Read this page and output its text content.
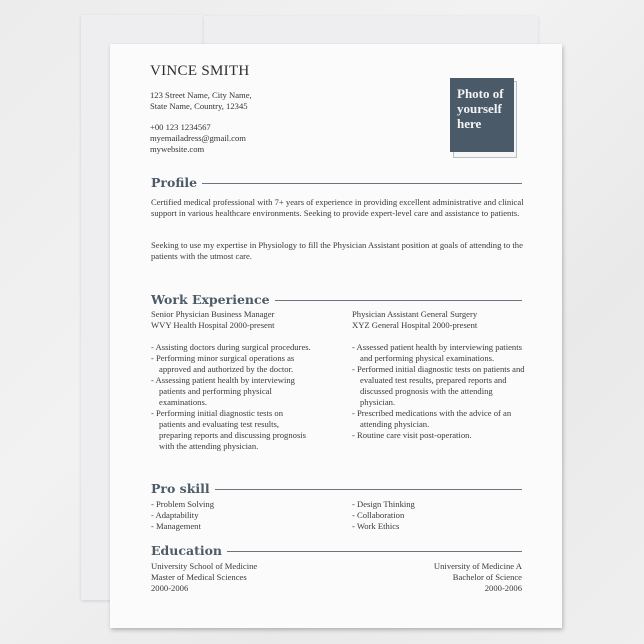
VINCE SMITH
123 Street Name, City Name,
State Name, Country, 12345
+00 123 1234567
myemailadress@gmail.com
mywebsite.com
Photo of
yourself
here
Profile
Certified medical professional with 7+ years of experience in providing excellent administrative and clinical support in various healthcare environments. Seeking to provide expert-level care and assistance to patients.
Seeking to use my expertise in Physiology to fill the Physician Assistant position at goals of attending to the patients with the utmost care.
Work Experience
Senior Physician Business Manager
WVY Health Hospital 2000-present
- Assisting doctors during surgical procedures.
- Performing minor surgical operations as approved and authorized by the doctor.
- Assessing patient health by interviewing patients and performing physical examinations.
- Performing initial diagnostic tests on patients and evaluating test results, preparing reports and discussing prognosis with the attending physician.
Physician Assistant General Surgery
XYZ General Hospital 2000-present
- Assessed patient health by interviewing patients and performing physical examinations.
- Performed initial diagnostic tests on patients and evaluated test results, prepared reports and discussed prognosis with the attending physician.
- Prescribed medications with the advice of an attending physician.
- Routine care visit post-operation.
Pro skill
- Problem Solving
- Adaptability
- Management
- Design Thinking
- Collaboration
- Work Ethics
Education
University School of Medicine
Master of Medical Sciences
2000-2006
University of Medicine A
Bachelor of Science
2000-2006
